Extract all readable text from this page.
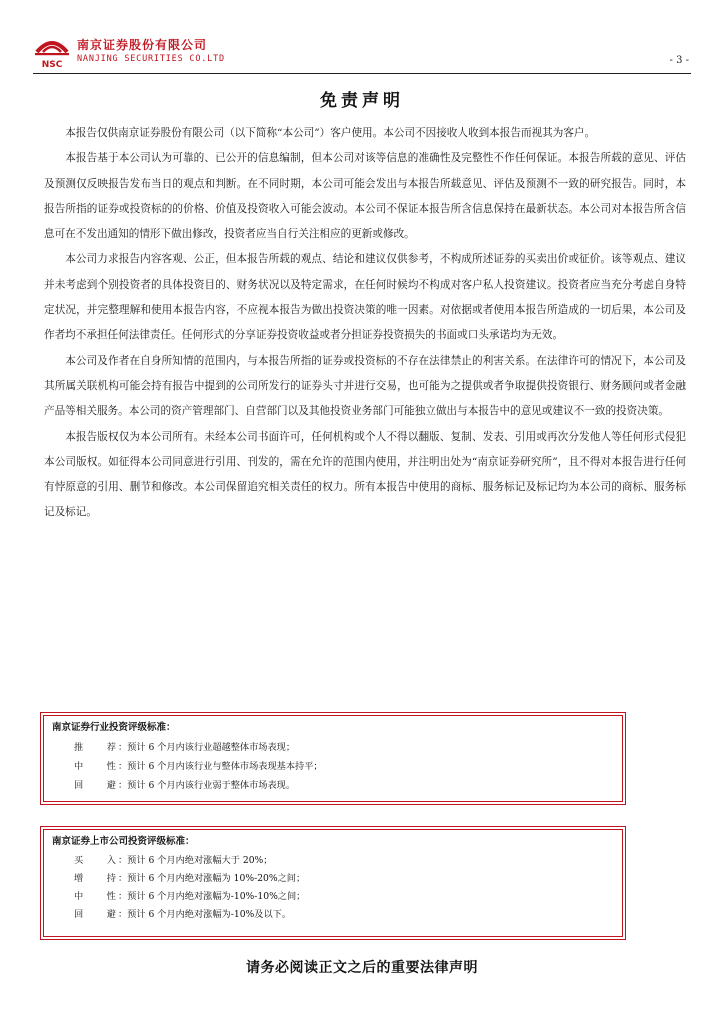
NSC
南京证券股份有限公司
NANJING SECURITIES CO.LTD	- 3 -
免责声明

本报告仅供南京证券股份有限公司（以下简称“本公司”）客户使用。本公司不因接收人收到本报告而视其为客户。

本报告基于本公司认为可靠的、已公开的信息编制，但本公司对该等信息的准确性及完整性不作任何保证。本报告所载的意见、评估及预测仅反映报告发布当日的观点和判断。在不同时期，本公司可能会发出与本报告所载意见、评估及预测不一致的研究报告。同时，本报告所指的证券或投资标的的价格、价值及投资收入可能会波动。本公司不保证本报告所含信息保持在最新状态。本公司对本报告所含信息可在不发出通知的情形下做出修改，投资者应当自行关注相应的更新或修改。

本公司力求报告内容客观、公正，但本报告所载的观点、结论和建议仅供参考，不构成所述证券的买卖出价或征价。该等观点、建议并未考虑到个别投资者的具体投资目的、财务状况以及特定需求，在任何时候均不构成对客户私人投资建议。投资者应当充分考虑自身特定状况，并完整理解和使用本报告内容，不应视本报告为做出投资决策的唯一因素。对依据或者使用本报告所造成的一切后果，本公司及作者均不承担任何法律责任。任何形式的分享证券投资收益或者分担证券投资损失的书面或口头承诺均为无效。

本公司及作者在自身所知情的范围内，与本报告所指的证券或投资标的不存在法律禁止的利害关系。在法律许可的情况下，本公司及其所属关联机构可能会持有报告中提到的公司所发行的证券头寸并进行交易，也可能为之提供或者争取提供投资银行、财务顾问或者金融产品等相关服务。本公司的资产管理部门、自营部门以及其他投资业务部门可能独立做出与本报告中的意见或建议不一致的投资决策。

本报告版权仅为本公司所有。未经本公司书面许可，任何机构或个人不得以翻版、复制、发表、引用或再次分发他人等任何形式侵犯本公司版权。如征得本公司同意进行引用、刊发的，需在允许的范围内使用，并注明出处为“南京证券研究所”，且不得对本报告进行任何有悖原意的引用、删节和修改。本公司保留追究相关责任的权力。所有本报告中使用的商标、服务标记及标记均为本公司的商标、服务标记及标记。

南京证券行业投资评级标准：
推荐 ：预计 6 个月内该行业超越整体市场表现；
中性 ：预计 6 个月内该行业与整体市场表现基本持平；
回避 ：预计 6 个月内该行业弱于整体市场表现。
南京证券上市公司投资评级标准：
买入 ：预计 6 个月内绝对涨幅大于 20%；
增持 ：预计 6 个月内绝对涨幅为 10%-20%之间；
中性 ：预计 6 个月内绝对涨幅为-10%-10%之间；
回避 ：预计 6 个月内绝对涨幅为-10%及以下。
请务必阅读正文之后的重要法律声明
